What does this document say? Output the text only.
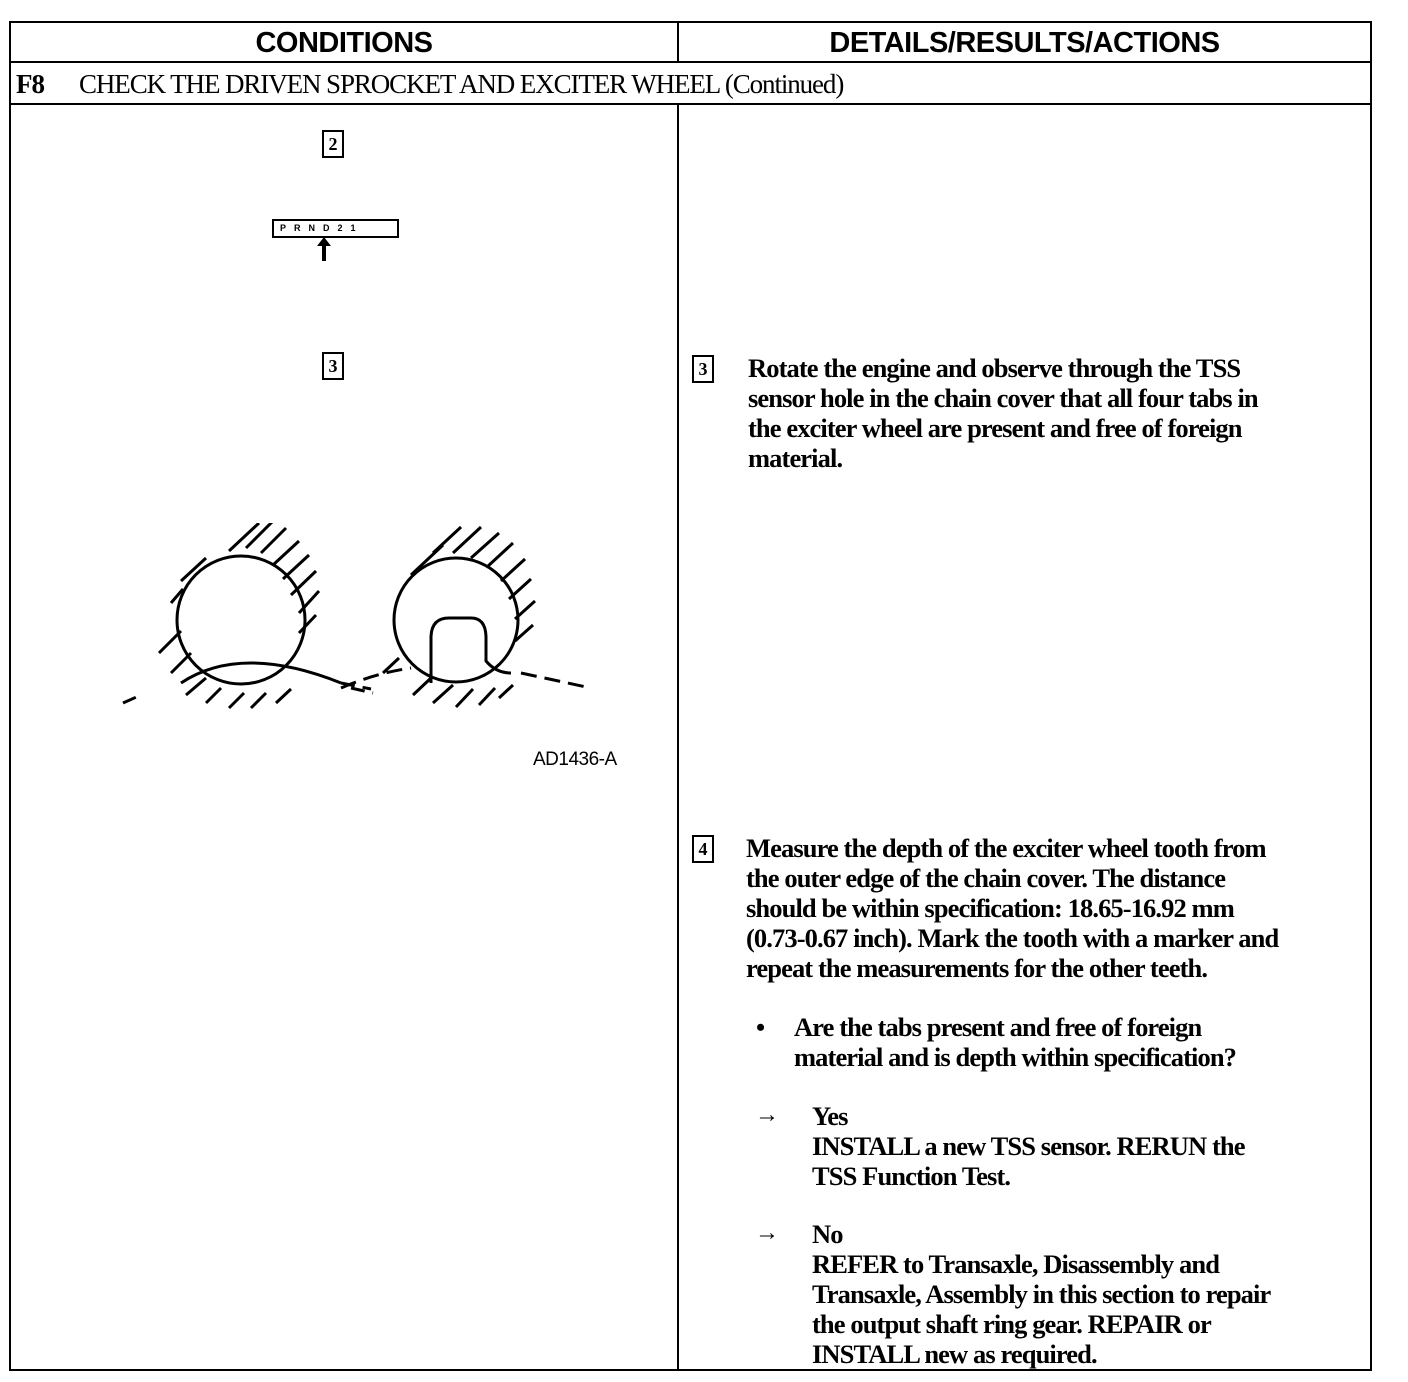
CONDITIONS	DETAILS/RESULTS/ACTIONS
F8 CHECK THE DRIVEN SPROCKET AND EXCITER WHEEL (Continued)
2
PRND21
3
AD1436-A
3 Rotate the engine and observe through the TSS
sensor hole in the chain cover that all four tabs in
the exciter wheel are present and free of foreign
material.
4 Measure the depth of the exciter wheel tooth from
the outer edge of the chain cover. The distance
should be within specification: 18.65-16.92 mm
(0.73-0.67 inch). Mark the tooth with a marker and
repeat the measurements for the other teeth.
• Are the tabs present and free of foreign
material and is depth within specification?
→ Yes
INSTALL a new TSS sensor. RERUN the
TSS Function Test.
→ No
REFER to Transaxle, Disassembly and
Transaxle, Assembly in this section to repair
the output shaft ring gear. REPAIR or
INSTALL new as required.
